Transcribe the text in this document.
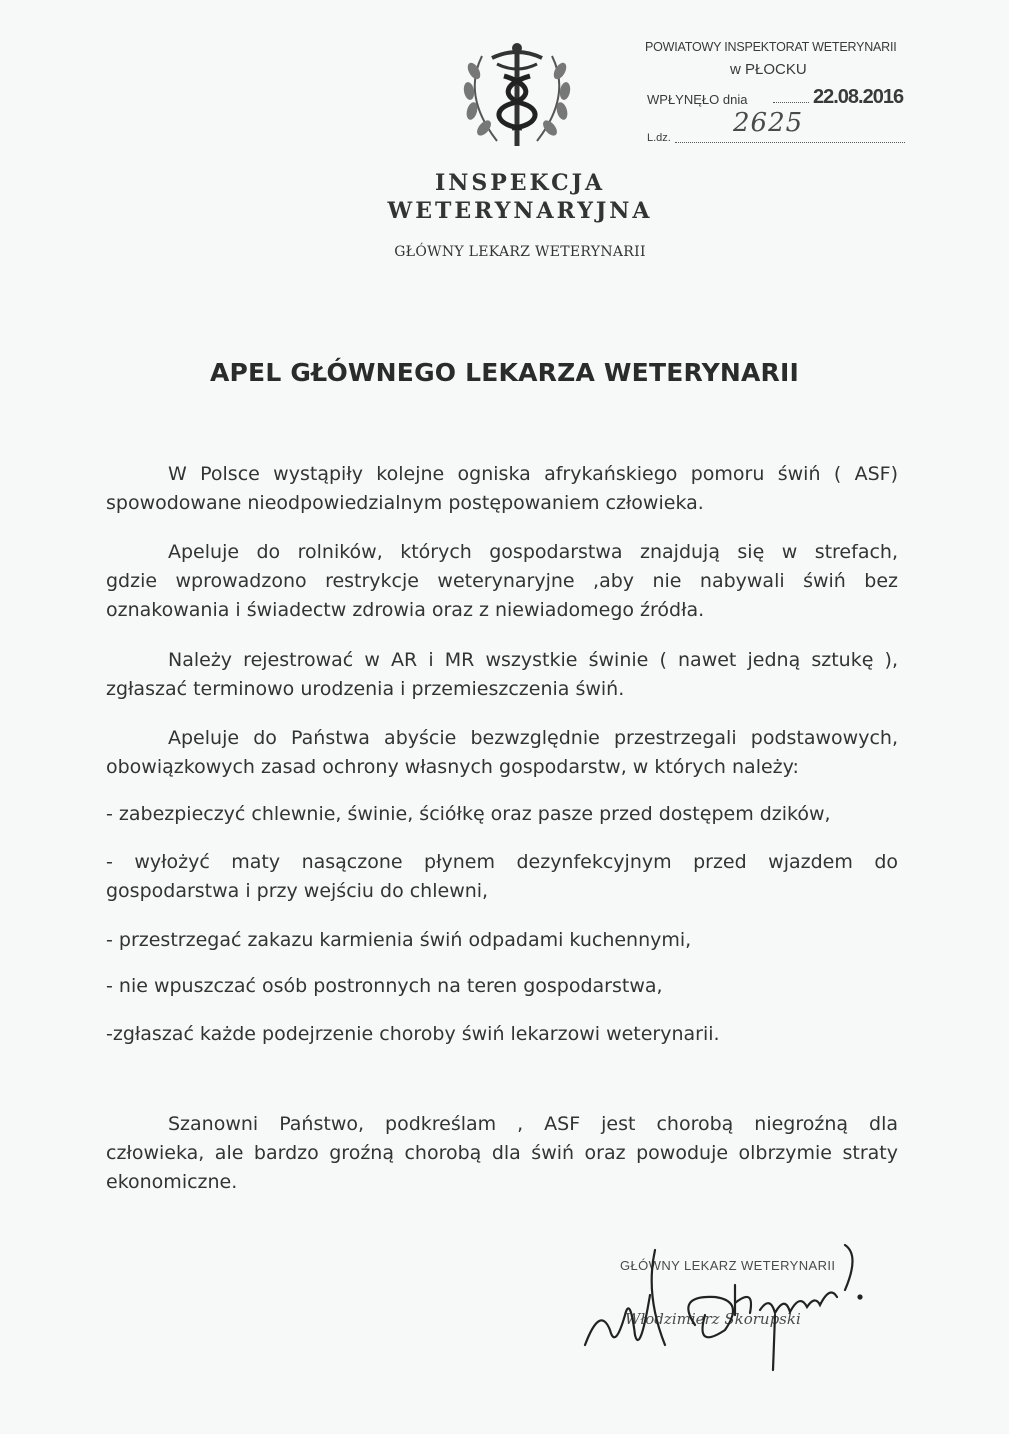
INSPEKCJA
WETERYNARYJNA
GŁÓWNY LEKARZ WETERYNARII
POWIATOWY INSPEKTORAT WETERYNARII
w PŁOCKU
WPŁYNĘŁO dnia	22.08.2016
L.dz. 2625
APEL GŁÓWNEGO LEKARZA WETERYNARII
W Polsce wystąpiły kolejne ogniska afrykańskiego pomoru świń ( ASF)
spowodowane nieodpowiedzialnym postępowaniem człowieka.
Apeluje do rolników, których gospodarstwa znajdują się w strefach,
gdzie wprowadzono restrykcje weterynaryjne ,aby nie nabywali świń bez
oznakowania i świadectw zdrowia oraz z niewiadomego źródła.
Należy rejestrować w AR i MR wszystkie świnie ( nawet jedną sztukę ),
zgłaszać terminowo urodzenia i przemieszczenia świń.
Apeluje do Państwa abyście bezwzględnie przestrzegali podstawowych,
obowiązkowych zasad ochrony własnych gospodarstw, w których należy:
- zabezpieczyć chlewnie, świnie, ściółkę oraz pasze przed dostępem dzików,
- wyłożyć maty nasączone płynem dezynfekcyjnym przed wjazdem do
gospodarstwa i przy wejściu do chlewni,
- przestrzegać zakazu karmienia świń odpadami kuchennymi,
- nie wpuszczać osób postronnych na teren gospodarstwa,
-zgłaszać każde podejrzenie choroby świń lekarzowi weterynarii.
Szanowni Państwo, podkreślam , ASF jest chorobą niegroźną dla
człowieka, ale bardzo groźną chorobą dla świń oraz powoduje olbrzymie straty
ekonomiczne.
GŁÓWNY LEKARZ WETERYNARII
Włodzimierz Skorupski
